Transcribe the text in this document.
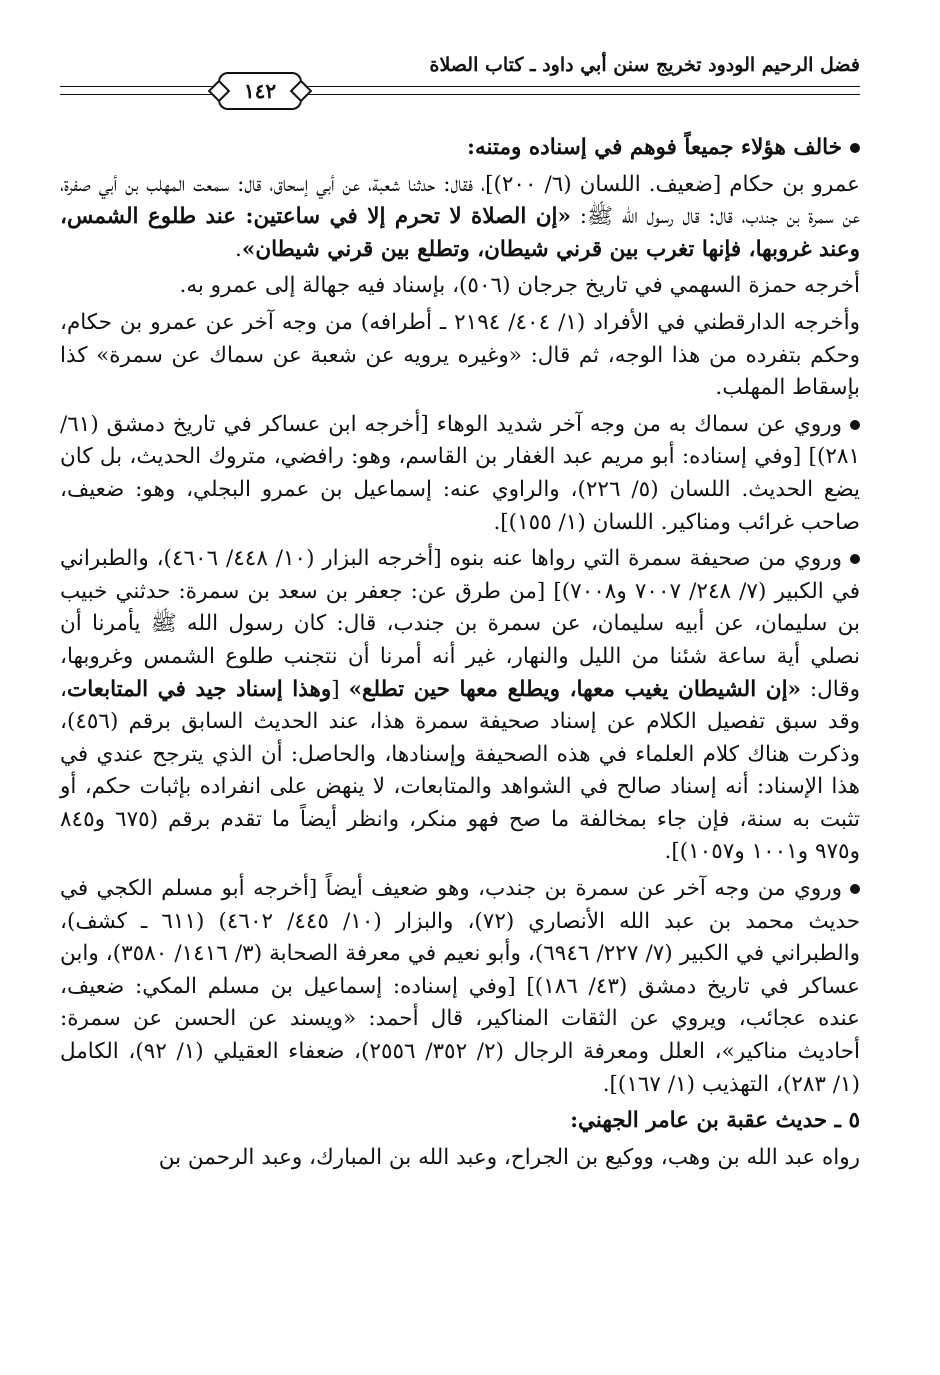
فضل الرحيم الودود تخريج سنن أبي داود ـ كتاب الصلاة
١٤٢

خالف هؤلاء جميعاً فوهم في إسناده ومتنه:

عمرو بن حكام [ضعيف. اللسان (٦/ ٢٠٠)]، فقال: حدثنا شعبة، عن أبي إسحاق، قال: سمعت المهلب بن أبي صفرة، عن سمرة بن جندب، قال: قال رسول الله ﷺ: «إن الصلاة لا تحرم إلا في ساعتين: عند طلوع الشمس، وعند غروبها، فإنها تغرب بين قرني شيطان، وتطلع بين قرني شيطان».

أخرجه حمزة السهمي في تاريخ جرجان (٥٠٦)، بإسناد فيه جهالة إلى عمرو به.

وأخرجه الدارقطني في الأفراد (١/ ٤٠٤/ ٢١٩٤ ـ أطرافه) من وجه آخر عن عمرو بن حكام، وحكم بتفرده من هذا الوجه، ثم قال: «وغيره يرويه عن شعبة عن سماك عن سمرة» كذا بإسقاط المهلب.

وروي عن سماك به من وجه آخر شديد الوهاء [أخرجه ابن عساكر في تاريخ دمشق (٦١/ ٢٨١)] [وفي إسناده: أبو مريم عبد الغفار بن القاسم، وهو: رافضي، متروك الحديث، بل كان يضع الحديث. اللسان (٥/ ٢٢٦)، والراوي عنه: إسماعيل بن عمرو البجلي، وهو: ضعيف، صاحب غرائب ومناكير. اللسان (١/ ١٥٥)].

وروي من صحيفة سمرة التي رواها عنه بنوه [أخرجه البزار (١٠/ ٤٤٨/ ٤٦٠٦)، والطبراني في الكبير (٧/ ٢٤٨/ ٧٠٠٧ و٧٠٠٨)] [من طرق عن: جعفر بن سعد بن سمرة: حدثني خبيب بن سليمان، عن أبيه سليمان، عن سمرة بن جندب، قال: كان رسول الله ﷺ يأمرنا أن نصلي أية ساعة شئنا من الليل والنهار، غير أنه أمرنا أن نتجنب طلوع الشمس وغروبها، وقال: «إن الشيطان يغيب معها، ويطلع معها حين تطلع» [وهذا إسناد جيد في المتابعات، وقد سبق تفصيل الكلام عن إسناد صحيفة سمرة هذا، عند الحديث السابق برقم (٤٥٦)، وذكرت هناك كلام العلماء في هذه الصحيفة وإسنادها، والحاصل: أن الذي يترجح عندي في هذا الإسناد: أنه إسناد صالح في الشواهد والمتابعات، لا ينهض على انفراده بإثبات حكم، أو تثبت به سنة، فإن جاء بمخالفة ما صح فهو منكر، وانظر أيضاً ما تقدم برقم (٦٧٥ و٨٤٥ و٩٧٥ و١٠٠١ و١٠٥٧)].

وروي من وجه آخر عن سمرة بن جندب، وهو ضعيف أيضاً [أخرجه أبو مسلم الكجي في حديث محمد بن عبد الله الأنصاري (٧٢)، والبزار (١٠/ ٤٤٥/ ٤٦٠٢) (٦١١ ـ كشف)، والطبراني في الكبير (٧/ ٢٢٧/ ٦٩٤٦)، وأبو نعيم في معرفة الصحابة (٣/ ١٤١٦/ ٣٥٨٠)، وابن عساكر في تاريخ دمشق (٤٣/ ١٨٦)] [وفي إسناده: إسماعيل بن مسلم المكي: ضعيف، عنده عجائب، ويروي عن الثقات المناكير، قال أحمد: «ويسند عن الحسن عن سمرة: أحاديث مناكير»، العلل ومعرفة الرجال (٢/ ٣٥٢/ ٢٥٥٦)، ضعفاء العقيلي (١/ ٩٢)، الكامل (١/ ٢٨٣)، التهذيب (١/ ١٦٧)].

٥ ـ حديث عقبة بن عامر الجهني:

رواه عبد الله بن وهب، ووكيع بن الجراح، وعبد الله بن المبارك، وعبد الرحمن بن
